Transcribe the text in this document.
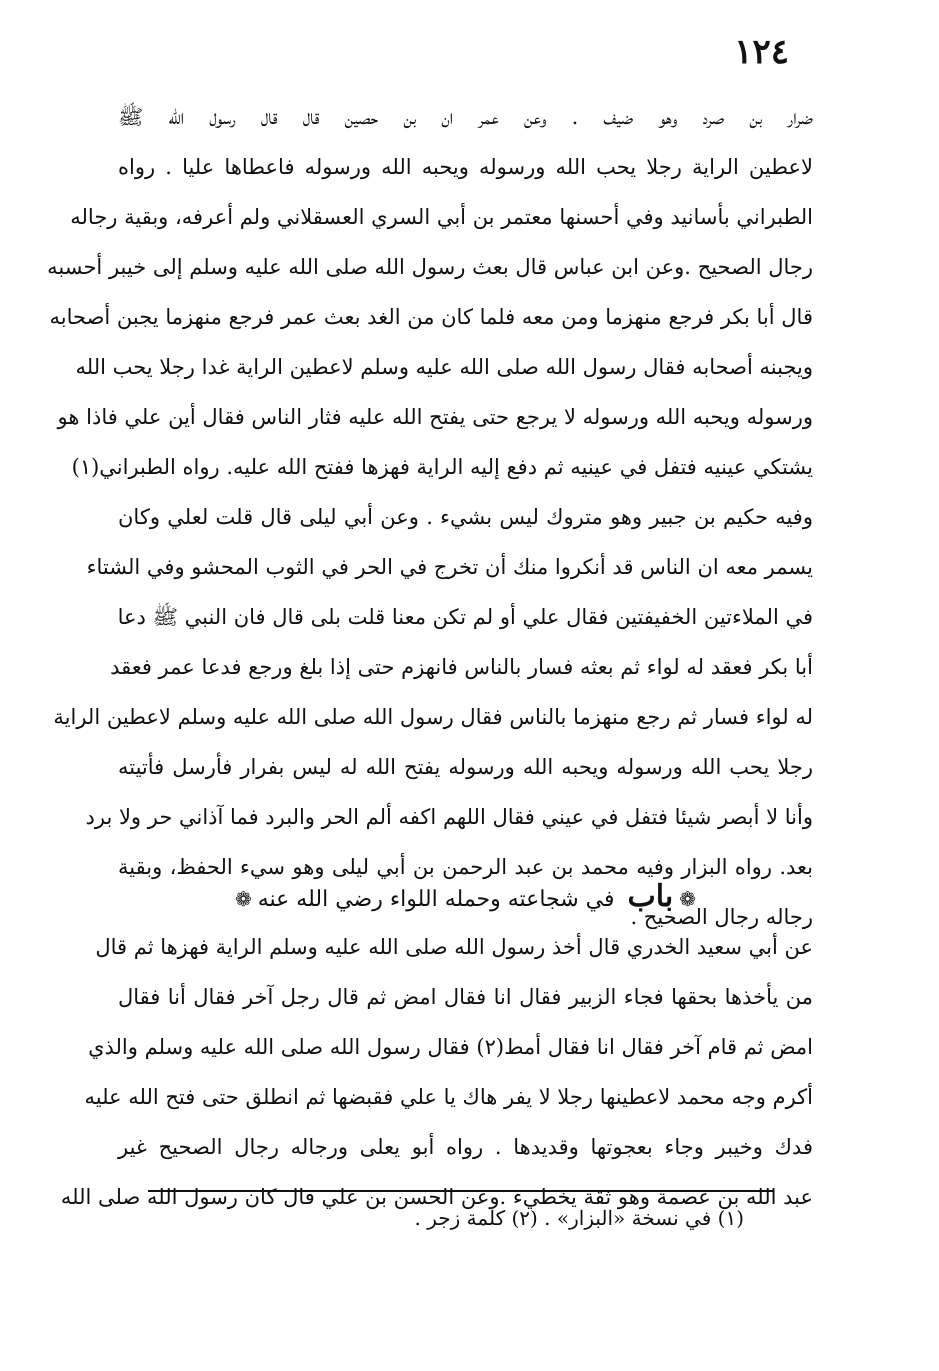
١٢٤
ضرار بن صرد وهو ضيف . وعن عمر ان بن حصين قال قال رسول الله ﷺ
لاعطين الراية رجلا يحب الله ورسوله ويحبه الله ورسوله فاعطاها عليا . رواه
الطبراني بأسانيد وفي أحسنها معتمر بن أبي السري العسقلاني ولم أعرفه، وبقية رجاله
رجال الصحيح .وعن ابن عباس قال بعث رسول الله صلى الله عليه وسلم إلى خيبر أحسبه
قال أبا بكر فرجع منهزما ومن معه فلما كان من الغد بعث عمر فرجع منهزما يجبن أصحابه
ويجبنه أصحابه فقال رسول الله صلى الله عليه وسلم لاعطين الراية غدا رجلا يحب الله
ورسوله ويحبه الله ورسوله لا يرجع حتى يفتح الله عليه فثار الناس فقال أين علي فاذا هو
يشتكي عينيه فتفل في عينيه ثم دفع إليه الراية فهزها ففتح الله عليه. رواه الطبراني(١)
وفيه حكيم بن جبير وهو متروك ليس بشيء . وعن أبي ليلى قال قلت لعلي وكان
يسمر معه ان الناس قد أنكروا منك أن تخرج في الحر في الثوب المحشو وفي الشتاء
في الملاءتين الخفيفتين فقال علي أو لم تكن معنا قلت بلى قال فان النبي ﷺ دعا
أبا بكر فعقد له لواء ثم بعثه فسار بالناس فانهزم حتى إذا بلغ ورجع فدعا عمر فعقد
له لواء فسار ثم رجع منهزما بالناس فقال رسول الله صلى الله عليه وسلم لاعطين الراية
رجلا يحب الله ورسوله ويحبه الله ورسوله يفتح الله له ليس بفرار فأرسل فأتيته
وأنا لا أبصر شيئا فتفل في عيني فقال اللهم اكفه ألم الحر والبرد فما آذاني حر ولا برد
بعد. رواه البزار وفيه محمد بن عبد الرحمن بن أبي ليلى وهو سيء الحفظ، وبقية
رجاله رجال الصحيح .
❁باب في شجاعته وحمله اللواء رضي الله عنه❁
عن أبي سعيد الخدري قال أخذ رسول الله صلى الله عليه وسلم الراية فهزها ثم قال
من يأخذها بحقها فجاء الزبير فقال انا فقال امض ثم قال رجل آخر فقال أنا فقال
امض ثم قام آخر فقال انا فقال أمط(٢) فقال رسول الله صلى الله عليه وسلم والذي
أكرم وجه محمد لاعطينها رجلا لا يفر هاك يا علي فقبضها ثم انطلق حتى فتح الله عليه
فدك وخيبر وجاء بعجوتها وقديدها . رواه أبو يعلى ورجاله رجال الصحيح غير
عبد الله بن عصمة وهو ثقة يخطيء .وعن الحسن بن علي قال كان رسول الله صلى الله
(١) في نسخة «البزار» . (٢) كلمة زجر .
